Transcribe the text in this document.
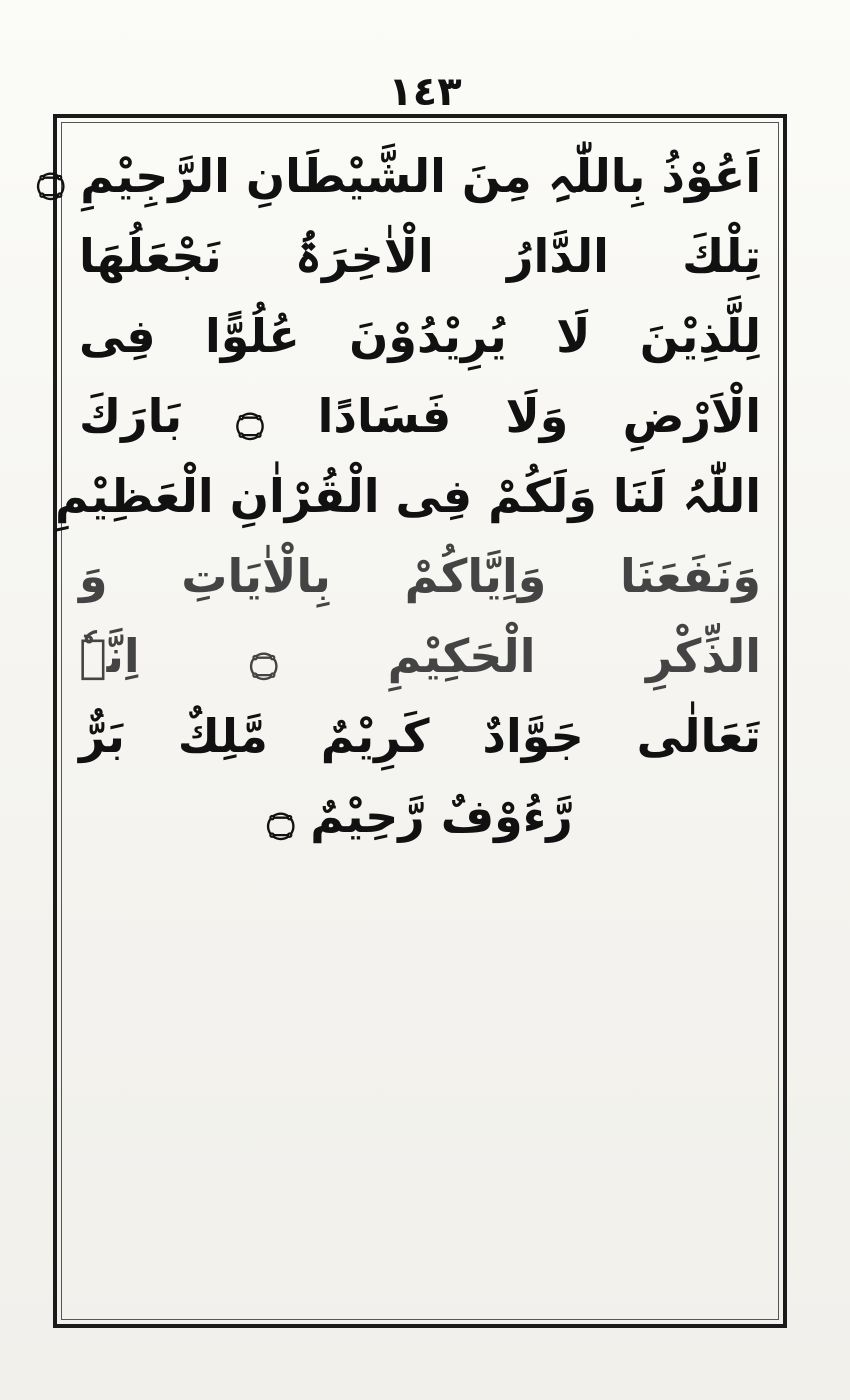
١٤٣
اَعُوْذُ بِاللّٰہِ مِنَ الشَّیْطَانِ الرَّجِیْمِ ۝
تِلْكَ الدَّارُ الْاٰخِرَۃُ نَجْعَلُھَا
لِلَّذِیْنَ لَا یُرِیْدُوْنَ عُلُوًّا فِی
الْاَرْضِ وَلَا فَسَادًا ۝ بَارَكَ
اللّٰہُ لَنَا وَلَكُمْ فِی الْقُرْاٰنِ الْعَظِیْمِ
وَنَفَعَنَا وَاِیَّاكُمْ بِالْاٰیَاتِ وَ
الذِّكْرِ الْحَكِیْمِ ۝ اِنَّہٗ
تَعَالٰی جَوَّادٌ كَرِیْمٌ مَّلِكٌ بَرٌّ
رَّءُوْفٌ رَّحِیْمٌ ۝
